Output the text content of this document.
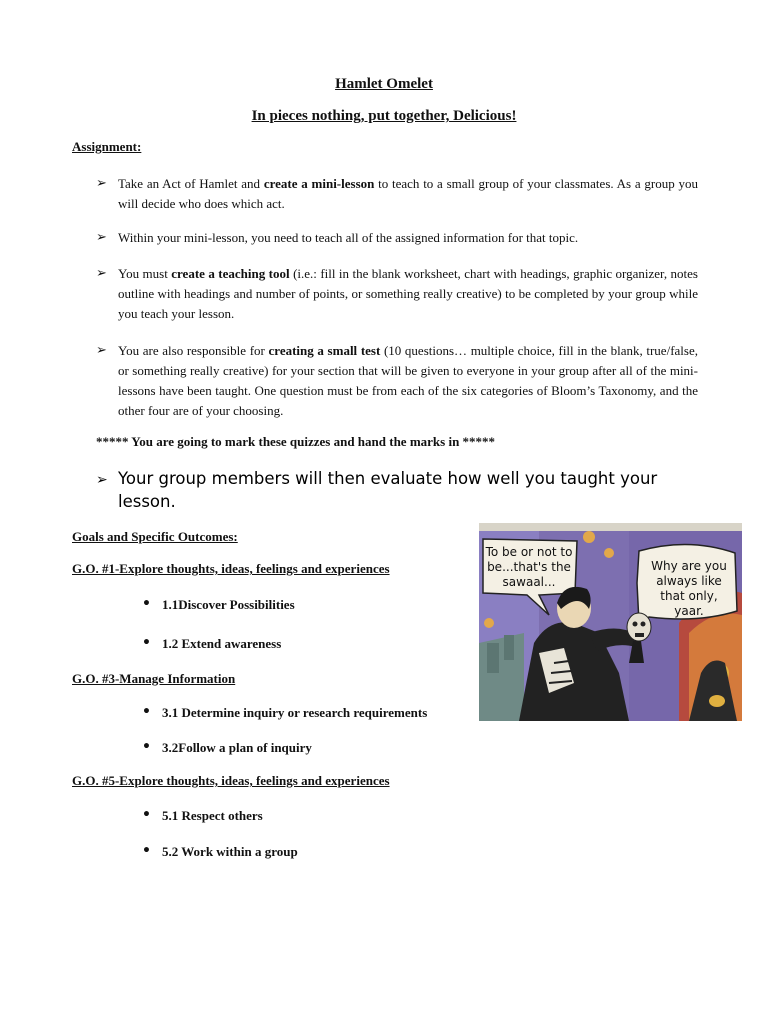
Hamlet Omelet
In pieces nothing, put together, Delicious!
Assignment:
➢ Take an Act of Hamlet and create a mini-lesson to teach to a small group of your classmates. As a group you will decide who does which act.
➢ Within your mini-lesson, you need to teach all of the assigned information for that topic.
➢ You must create a teaching tool (i.e.: fill in the blank worksheet, chart with headings, graphic organizer, notes outline with headings and number of points, or something really creative) to be completed by your group while you teach your lesson.
➢ You are also responsible for creating a small test (10 questions… multiple choice, fill in the blank, true/false, or something really creative) for your section that will be given to everyone in your group after all of the mini-lessons have been taught. One question must be from each of the six categories of Bloom’s Taxonomy, and the other four are of your choosing.
***** You are going to mark these quizzes and hand the marks in *****
➢ Your group members will then evaluate how well you taught your lesson.
Goals and Specific Outcomes:
G.O. #1-Explore thoughts, ideas, feelings and experiences
• 1.1Discover Possibilities
• 1.2 Extend awareness
G.O. #3-Manage Information
• 3.1 Determine inquiry or research requirements
• 3.2Follow a plan of inquiry
G.O. #5-Explore thoughts, ideas, feelings and experiences
• 5.1 Respect others
• 5.2 Work within a group
To be or not to be...that's the sawaal...
Why are you always like that only, yaar.
